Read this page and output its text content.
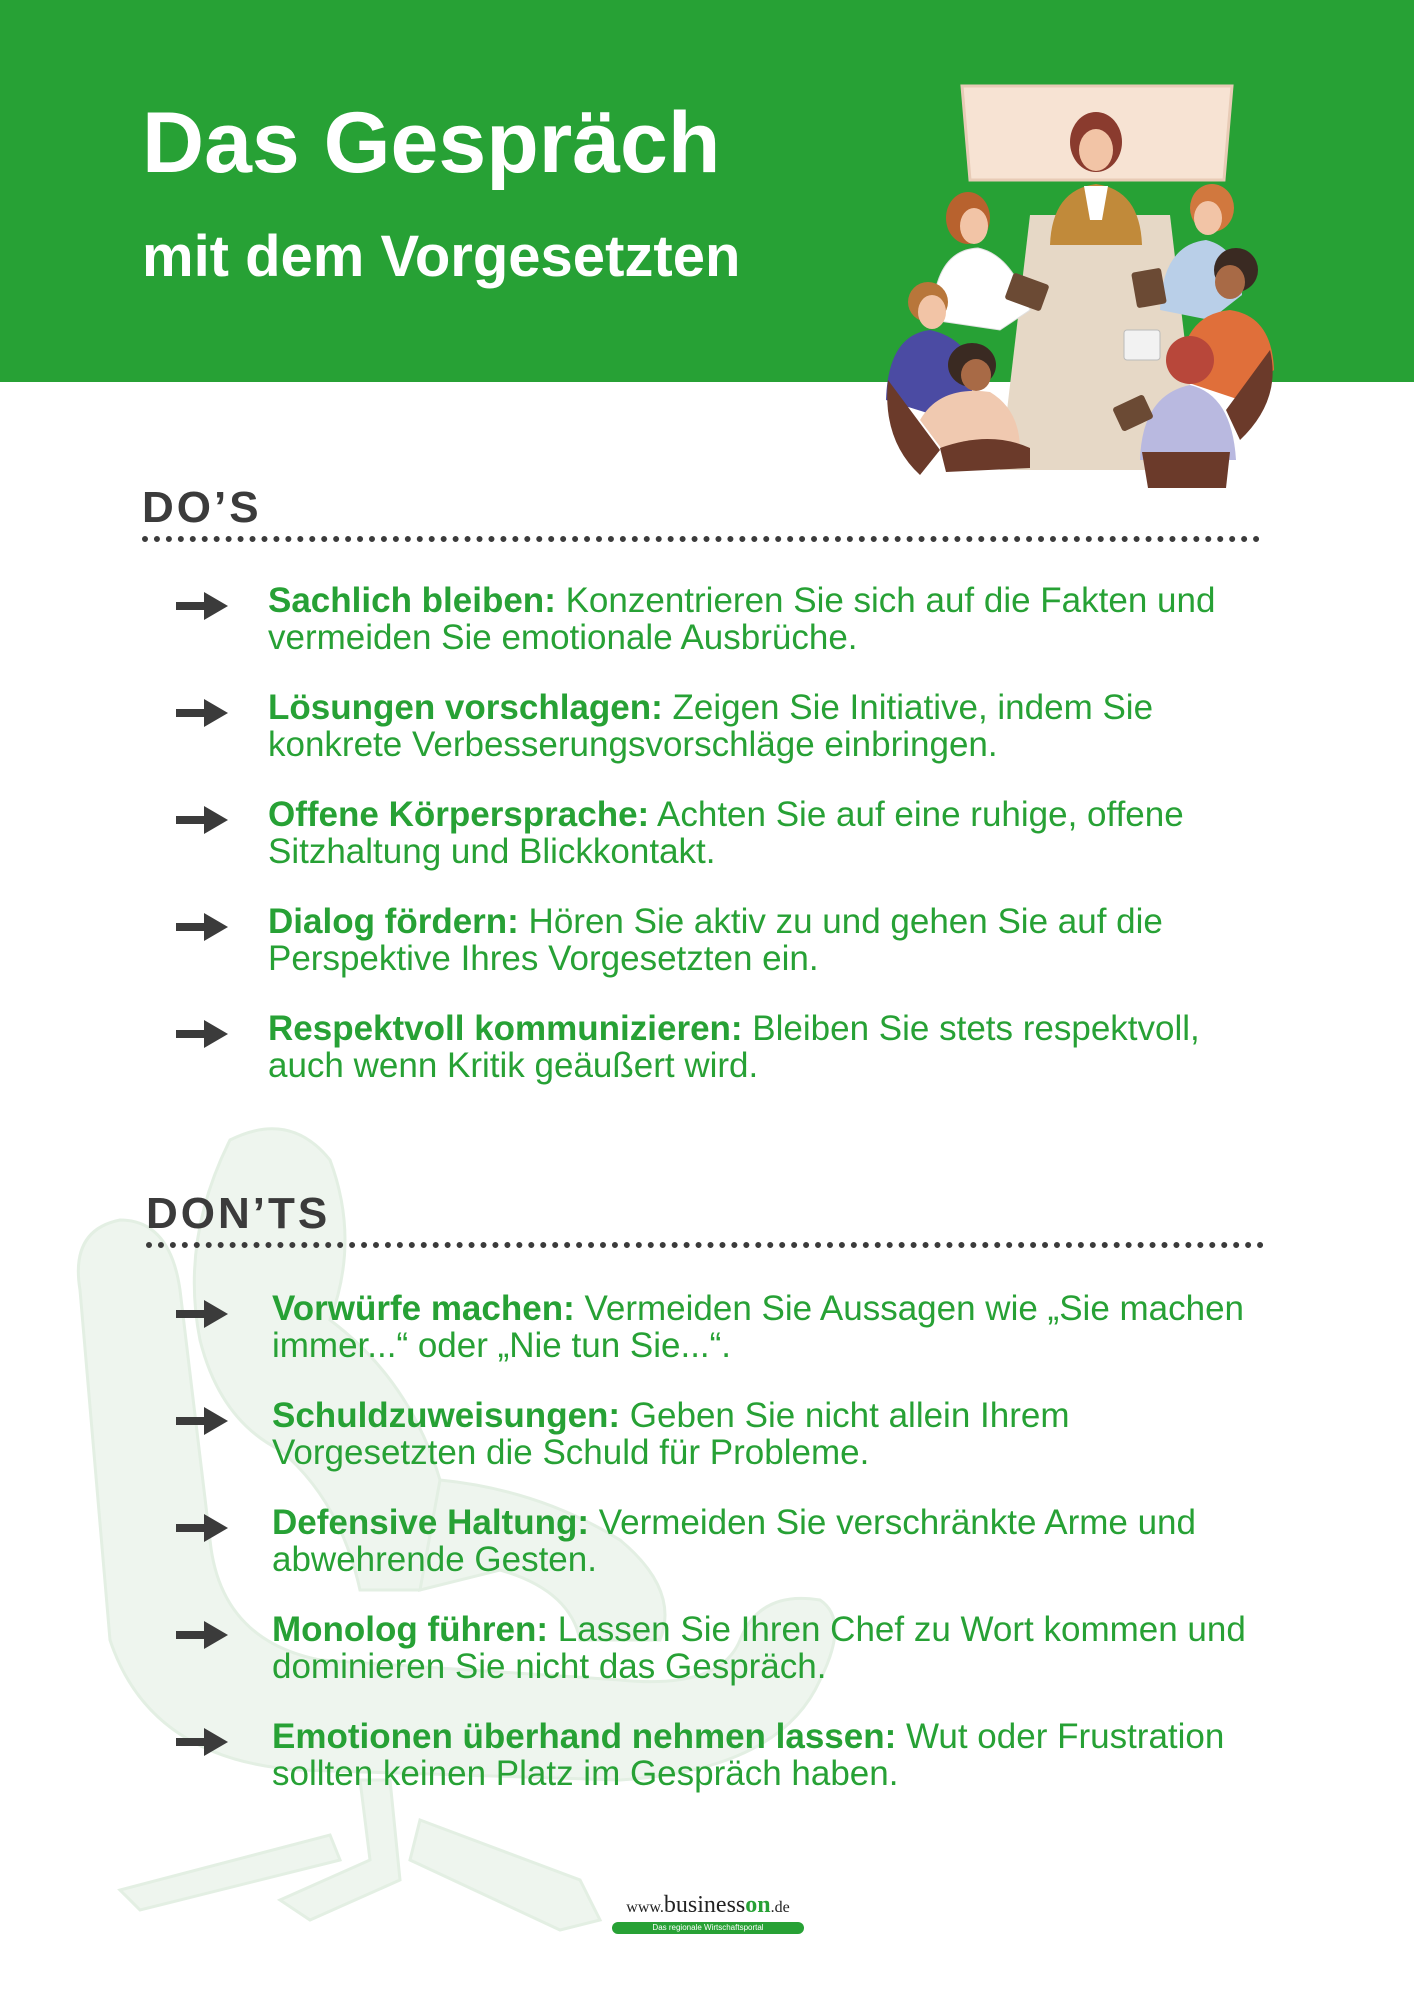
Das Gespräch
mit dem Vorgesetzten
DO’S
Sachlich bleiben: Konzentrieren Sie sich auf die Fakten und vermeiden Sie emotionale Ausbrüche.
Lösungen vorschlagen: Zeigen Sie Initiative, indem Sie konkrete Verbesserungsvorschläge einbringen.
Offene Körpersprache: Achten Sie auf eine ruhige, offene Sitzhaltung und Blickkontakt.
Dialog fördern: Hören Sie aktiv zu und gehen Sie auf die Perspektive Ihres Vorgesetzten ein.
Respektvoll kommunizieren: Bleiben Sie stets respektvoll, auch wenn Kritik geäußert wird.
DON’TS
Vorwürfe machen: Vermeiden Sie Aussagen wie „Sie machen immer...“ oder „Nie tun Sie...“.
Schuldzuweisungen: Geben Sie nicht allein Ihrem Vorgesetzten die Schuld für Probleme.
Defensive Haltung: Vermeiden Sie verschränkte Arme und abwehrende Gesten.
Monolog führen: Lassen Sie Ihren Chef zu Wort kommen und dominieren Sie nicht das Gespräch.
Emotionen überhand nehmen lassen: Wut oder Frustration sollten keinen Platz im Gespräch haben.
www.businesson.de
Das regionale Wirtschaftsportal
